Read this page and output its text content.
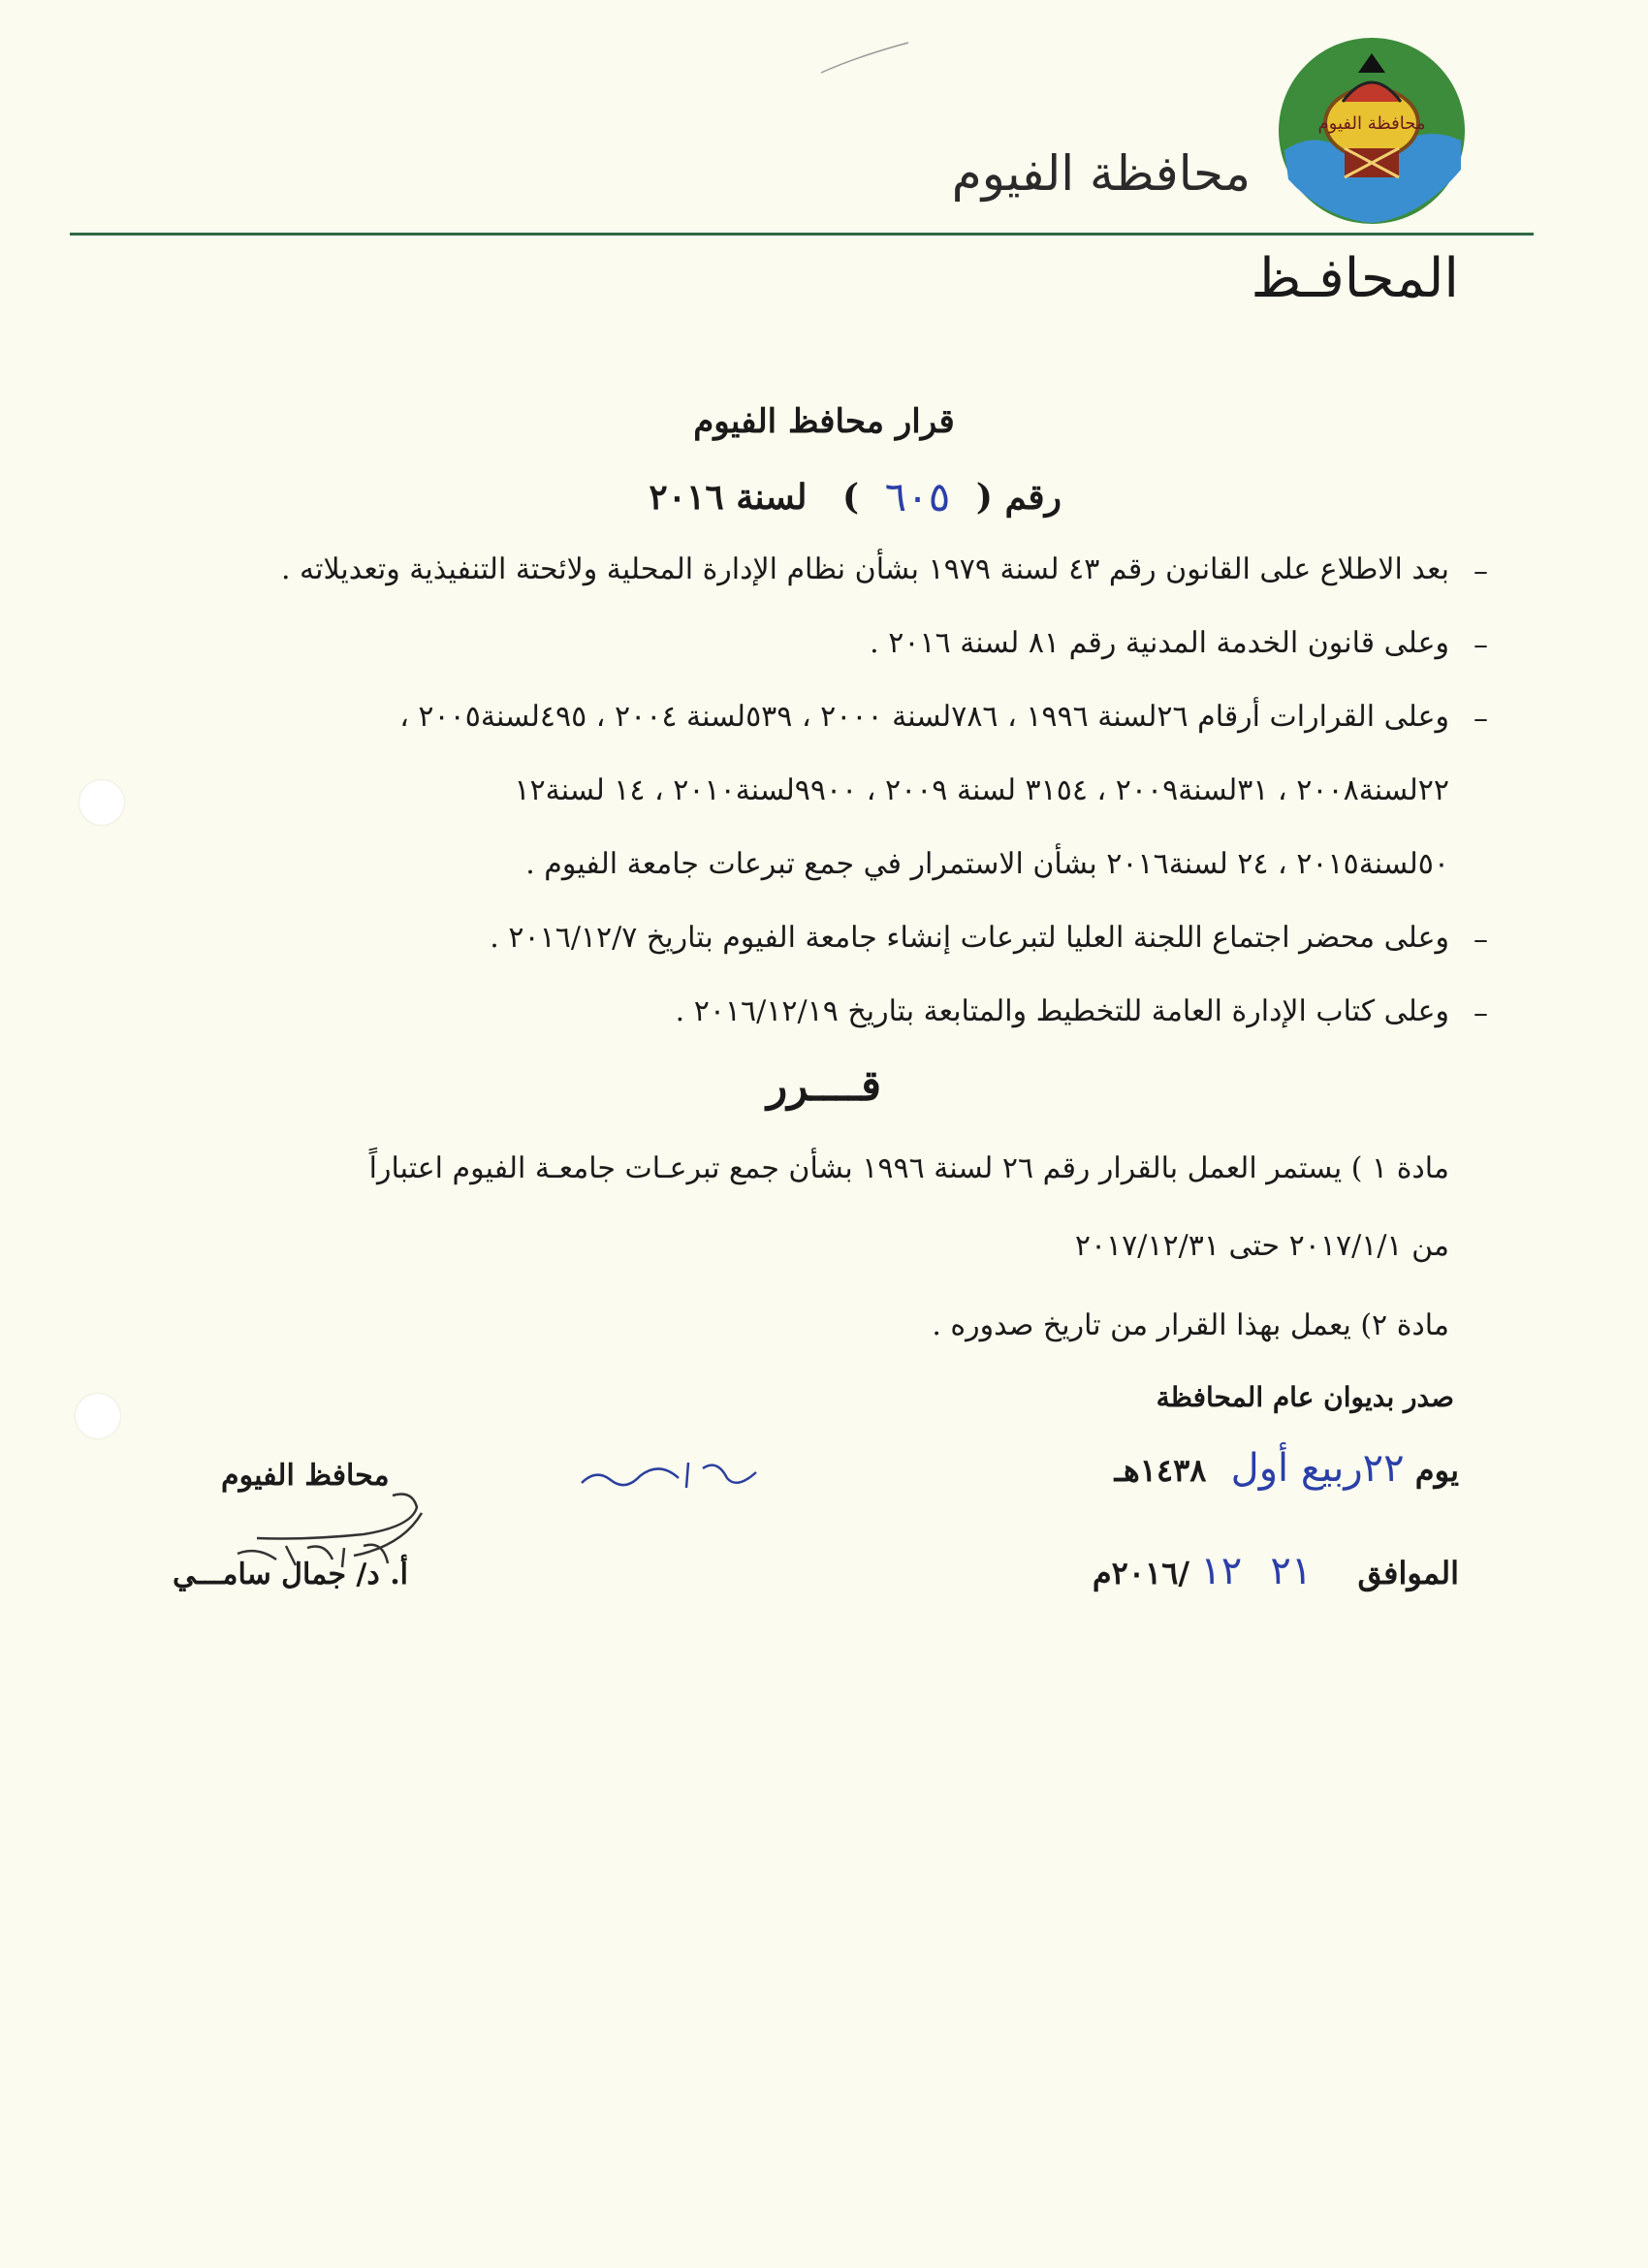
محافظة الفيوم
محافظة الفيوم
المحافـظ
قرار محافظ الفيوم
رقم ( ٦٠٥ ) لسنة ٢٠١٦
–
بعد الاطلاع على القانون رقم ٤٣ لسنة ١٩٧٩ بشأن نظام الإدارة المحلية ولائحتة التنفيذية وتعديلاته .
–
وعلى قانون الخدمة المدنية رقم ٨١ لسنة ٢٠١٦ .
–
وعلى القرارات أرقام ٢٦لسنة ١٩٩٦ ، ٧٨٦لسنة ٢٠٠٠ ، ٥٣٩لسنة ٢٠٠٤ ، ٤٩٥لسنة٢٠٠٥ ،
٢٢لسنة٢٠٠٨ ، ٣١لسنة٢٠٠٩ ، ٣١٥٤ لسنة ٢٠٠٩ ، ٩٩٠٠لسنة٢٠١٠ ، ١٤ لسنة١٢
٥٠لسنة٢٠١٥ ، ٢٤ لسنة٢٠١٦ بشأن الاستمرار في جمع تبرعات جامعة الفيوم .
–
وعلى محضر اجتماع اللجنة العليا لتبرعات إنشاء جامعة الفيوم بتاريخ ٢٠١٦/١٢/٧ .
–
وعلى كتاب الإدارة العامة للتخطيط والمتابعة بتاريخ ٢٠١٦/١٢/١٩ .
قــــرر
مادة ١ ) يستمر العمل بالقرار رقم ٢٦ لسنة ١٩٩٦ بشأن جمع تبرعـات جامعـة الفيوم اعتباراً
من ٢٠١٧/١/١ حتى ٢٠١٧/١٢/٣١
مادة ٢) يعمل بهذا القرار من تاريخ صدوره .
صدر بديوان عام المحافظة
يوم ٢٢ربيع أول ١٤٣٨هـ
الموافق ٢١ ١٢ /٢٠١٦م
محافظ الفيوم
أ. د/ جمال سامـــي
